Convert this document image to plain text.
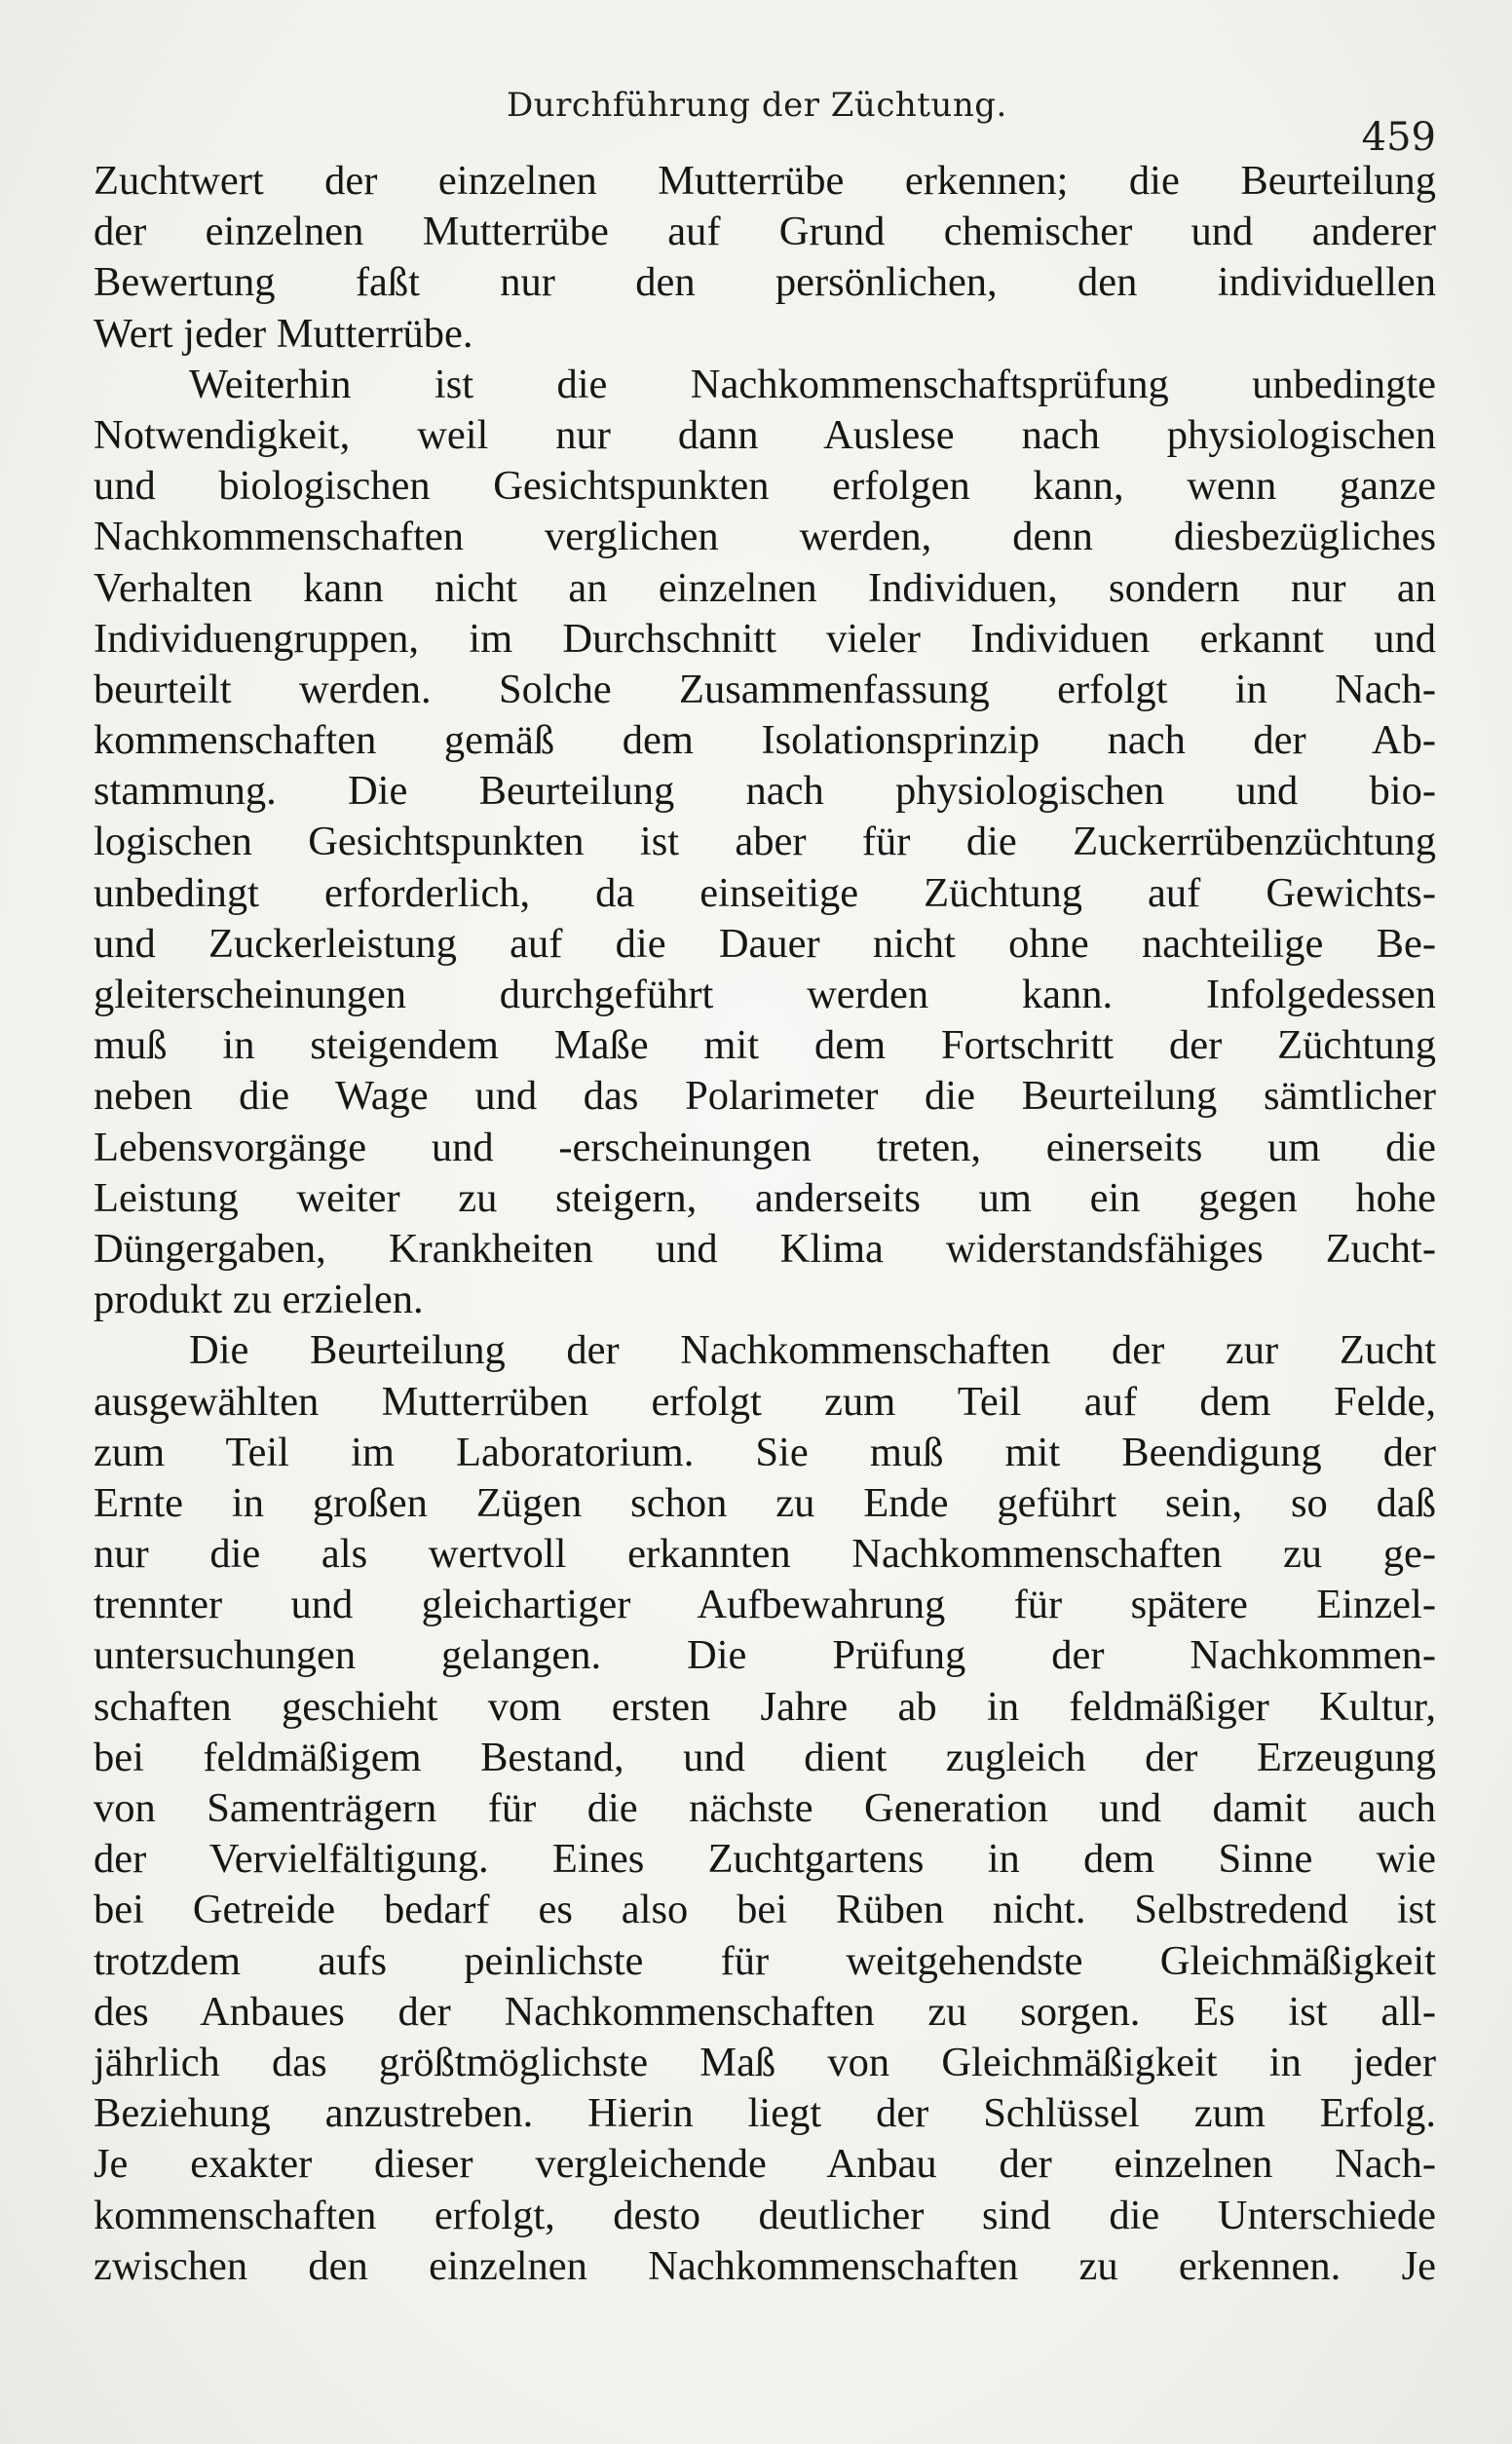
Durchführung der Züchtung.
459
Zuchtwert der einzelnen Mutterrübe erkennen; die Beurteilung
der einzelnen Mutterrübe auf Grund chemischer und anderer
Bewertung faßt nur den persönlichen, den individuellen
Wert jeder Mutterrübe.
Weiterhin ist die Nachkommenschaftsprüfung unbedingte
Notwendigkeit, weil nur dann Auslese nach physiologischen
und biologischen Gesichtspunkten erfolgen kann, wenn ganze
Nachkommenschaften verglichen werden, denn diesbezügliches
Verhalten kann nicht an einzelnen Individuen, sondern nur an
Individuengruppen, im Durchschnitt vieler Individuen erkannt und
beurteilt werden. Solche Zusammenfassung erfolgt in Nach-
kommenschaften gemäß dem Isolationsprinzip nach der Ab-
stammung. Die Beurteilung nach physiologischen und bio-
logischen Gesichtspunkten ist aber für die Zuckerrübenzüchtung
unbedingt erforderlich, da einseitige Züchtung auf Gewichts-
und Zuckerleistung auf die Dauer nicht ohne nachteilige Be-
gleiterscheinungen durchgeführt werden kann. Infolgedessen
muß in steigendem Maße mit dem Fortschritt der Züchtung
neben die Wage und das Polarimeter die Beurteilung sämtlicher
Lebensvorgänge und -erscheinungen treten, einerseits um die
Leistung weiter zu steigern, anderseits um ein gegen hohe
Düngergaben, Krankheiten und Klima widerstandsfähiges Zucht-
produkt zu erzielen.
Die Beurteilung der Nachkommenschaften der zur Zucht
ausgewählten Mutterrüben erfolgt zum Teil auf dem Felde,
zum Teil im Laboratorium. Sie muß mit Beendigung der
Ernte in großen Zügen schon zu Ende geführt sein, so daß
nur die als wertvoll erkannten Nachkommenschaften zu ge-
trennter und gleichartiger Aufbewahrung für spätere Einzel-
untersuchungen gelangen. Die Prüfung der Nachkommen-
schaften geschieht vom ersten Jahre ab in feldmäßiger Kultur,
bei feldmäßigem Bestand, und dient zugleich der Erzeugung
von Samenträgern für die nächste Generation und damit auch
der Vervielfältigung. Eines Zuchtgartens in dem Sinne wie
bei Getreide bedarf es also bei Rüben nicht. Selbstredend ist
trotzdem aufs peinlichste für weitgehendste Gleichmäßigkeit
des Anbaues der Nachkommenschaften zu sorgen. Es ist all-
jährlich das größtmöglichste Maß von Gleichmäßigkeit in jeder
Beziehung anzustreben. Hierin liegt der Schlüssel zum Erfolg.
Je exakter dieser vergleichende Anbau der einzelnen Nach-
kommenschaften erfolgt, desto deutlicher sind die Unterschiede
zwischen den einzelnen Nachkommenschaften zu erkennen. Je
